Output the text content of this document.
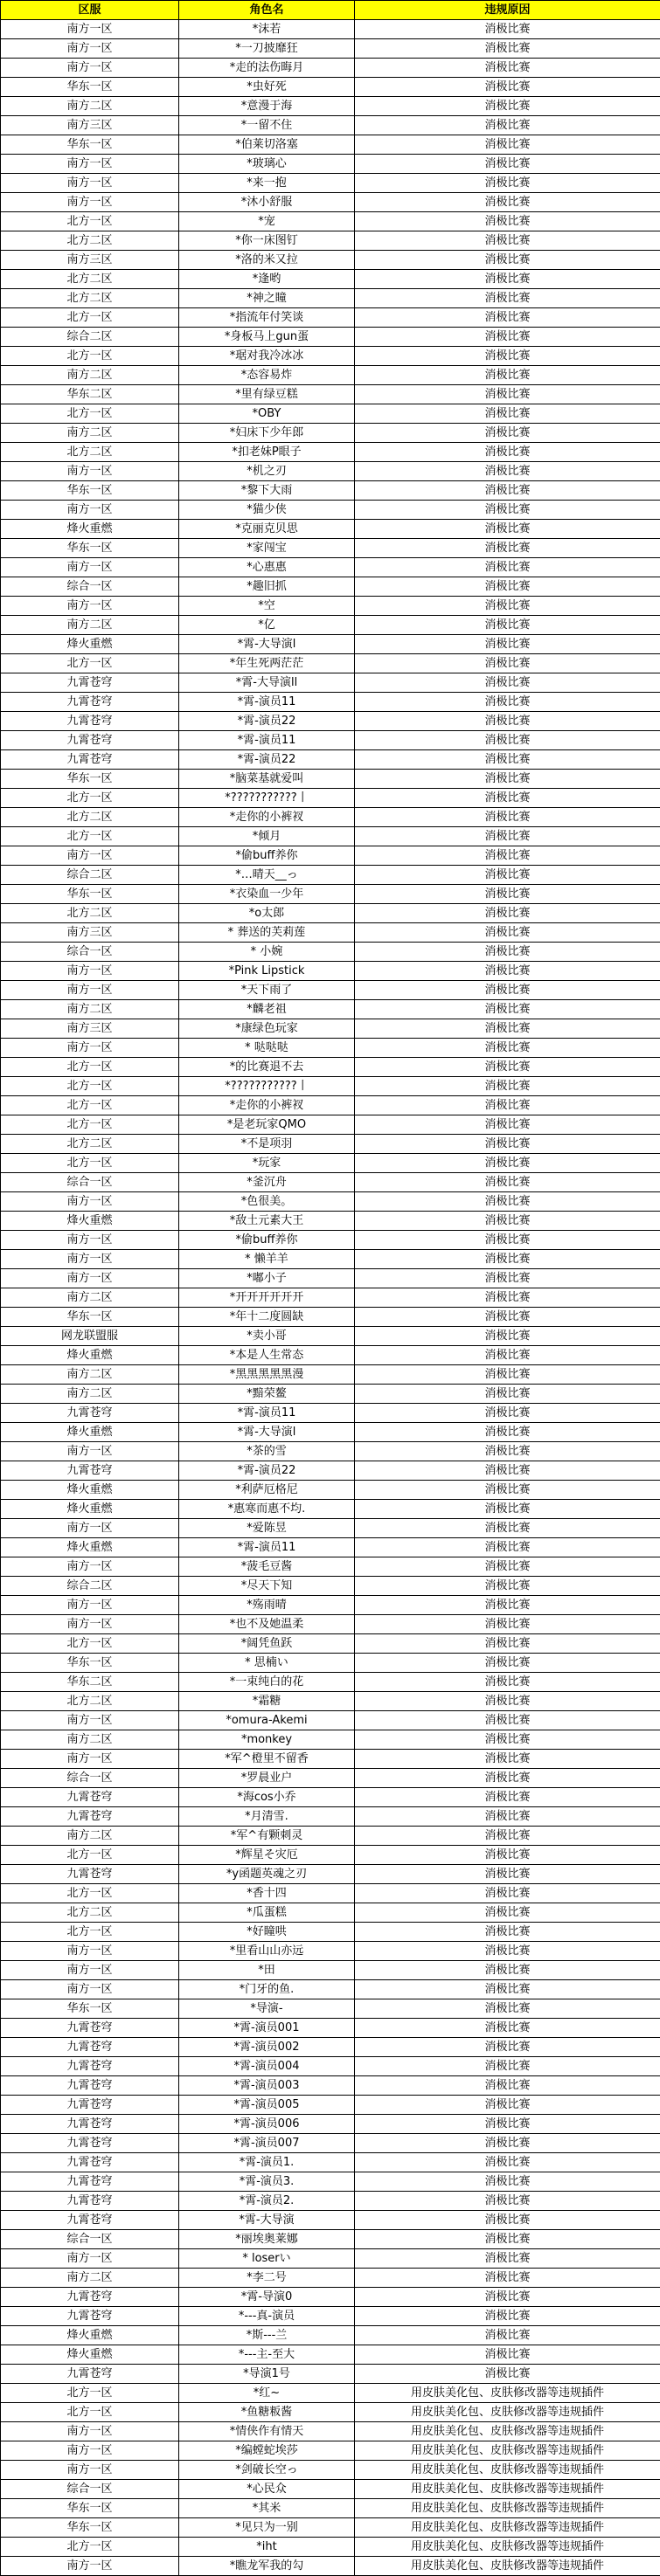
区服	角色名	违规原因
南方一区	*沫若	消极比赛
南方一区	*一刀披靡狂	消极比赛
南方一区	*走的法伤晦月	消极比赛
华东一区	*虫好死	消极比赛
南方二区	*意漫于海	消极比赛
南方三区	*一留不住	消极比赛
华东一区	*伯莱切洛塞	消极比赛
南方一区	*玻璃心	消极比赛
南方一区	*来一抱	消极比赛
南方一区	*沐小舒服	消极比赛
北方一区	*宠	消极比赛
北方二区	*你一床图钉	消极比赛
南方三区	*洛的米又拉	消极比赛
北方二区	*逢哟	消极比赛
北方二区	*神之瞳	消极比赛
北方一区	*指流年付笑谈	消极比赛
综合二区	*身板马上gun蛋	消极比赛
北方一区	*琚对我冷冰冰	消极比赛
南方二区	*态容易炸	消极比赛
华东二区	*里有绿豆糕	消极比赛
北方一区	*OBY	消极比赛
南方二区	*妇床下少年郎	消极比赛
北方二区	*扣老妹P眼子	消极比赛
南方一区	*机之刃	消极比赛
华东一区	*黎下大雨	消极比赛
南方一区	*猫少侠	消极比赛
烽火重燃	*克丽克贝思	消极比赛
华东一区	*家闯宝	消极比赛
南方一区	*心惠惠	消极比赛
综合一区	*趣旧抓	消极比赛
南方一区	*空	消极比赛
南方二区	*亿	消极比赛
烽火重燃	*霄-大导演l	消极比赛
北方一区	*年生死两茫茫	消极比赛
九霄苍穹	*霄-大导演ll	消极比赛
九霄苍穹	*霄-演员11	消极比赛
九霄苍穹	*霄-演员22	消极比赛
九霄苍穹	*霄-演员11	消极比赛
九霄苍穹	*霄-演员22	消极比赛
华东一区	*脑菜基就爱叫	消极比赛
北方一区	*???????????丨	消极比赛
北方二区	*走你的小裤衩	消极比赛
北方一区	*倾月	消极比赛
南方一区	*偷buff养你	消极比赛
综合二区	*…晴天__っ	消极比赛
华东一区	*衣染血一少年	消极比赛
北方二区	*o太郎	消极比赛
南方三区	* 葬送的芙莉莲	消极比赛
综合一区	* 小婉	消极比赛
南方一区	*Pink Lipstick	消极比赛
南方一区	*天下雨了	消极比赛
南方二区	*麟老祖	消极比赛
南方三区	*康绿色玩家	消极比赛
南方一区	* 哒哒哒	消极比赛
北方一区	*的比赛退不去	消极比赛
北方一区	*???????????丨	消极比赛
北方一区	*走你的小裤衩	消极比赛
北方一区	*是老玩家QMO	消极比赛
北方二区	*不是项羽	消极比赛
北方一区	*玩家	消极比赛
综合一区	*釜沉舟	消极比赛
南方一区	*色很美。	消极比赛
烽火重燃	*敌土元素大王	消极比赛
南方一区	*偷buff养你	消极比赛
南方一区	* 懒羊羊	消极比赛
南方一区	*嘟小子	消极比赛
南方二区	*开开开开开开	消极比赛
华东一区	*年十二度圆缺	消极比赛
网龙联盟服	*卖小哥	消极比赛
烽火重燃	*本是人生常态	消极比赛
南方二区	*黑黑黑黑黑漫	消极比赛
南方二区	*黯荣鳌	消极比赛
九霄苍穹	*霄-演员11	消极比赛
烽火重燃	*霄-大导演l	消极比赛
南方一区	*茶的雪	消极比赛
九霄苍穹	*霄-演员22	消极比赛
烽火重燃	*利萨厄格尼	消极比赛
烽火重燃	*惠寒而惠不均.	消极比赛
南方一区	*爱陈昱	消极比赛
烽火重燃	*霄-演员11	消极比赛
南方一区	*菠毛豆酱	消极比赛
综合二区	*尽天下知	消极比赛
南方一区	*殇雨晴	消极比赛
南方一区	*也不及她温柔	消极比赛
北方一区	*阔凭鱼跃	消极比赛
华东一区	* 思楠い	消极比赛
华东二区	*一束纯白的花	消极比赛
北方二区	*霜糖	消极比赛
南方一区	*omura-Akemi	消极比赛
南方二区	*monkey	消极比赛
南方一区	*军^橙里不留香	消极比赛
综合一区	*罗晨业户	消极比赛
九霄苍穹	*海cos小乔	消极比赛
九霄苍穹	*月清雪.	消极比赛
南方二区	*军^有颗刺灵	消极比赛
北方一区	*辉星そ灾厄	消极比赛
九霄苍穹	*y函题英魂之刃	消极比赛
北方一区	*香十四	消极比赛
北方二区	*瓜蛋糕	消极比赛
北方一区	*好瞳哄	消极比赛
南方一区	*里看山山亦远	消极比赛
南方一区	*田	消极比赛
南方一区	*门牙的鱼.	消极比赛
华东一区	*导演-	消极比赛
九霄苍穹	*霄-演员001	消极比赛
九霄苍穹	*霄-演员002	消极比赛
九霄苍穹	*霄-演员004	消极比赛
九霄苍穹	*霄-演员003	消极比赛
九霄苍穹	*霄-演员005	消极比赛
九霄苍穹	*霄-演员006	消极比赛
九霄苍穹	*霄-演员007	消极比赛
九霄苍穹	*霄-演员1.	消极比赛
九霄苍穹	*霄-演员3.	消极比赛
九霄苍穹	*霄-演员2.	消极比赛
九霄苍穹	*霄-大导演	消极比赛
综合一区	*丽埃奥莱娜	消极比赛
南方一区	* loserい	消极比赛
南方二区	*李二号	消极比赛
九霄苍穹	*霄-导演0	消极比赛
九霄苍穹	*---真-演员	消极比赛
烽火重燃	*斯---兰	消极比赛
烽火重燃	*---主-至大	消极比赛
九霄苍穹	*导演1号	消极比赛
北方一区	*红~	用皮肤美化包、皮肤修改器等违规插件
北方一区	*鱼糖粄酱	用皮肤美化包、皮肤修改器等违规插件
南方一区	*情侠作有情天	用皮肤美化包、皮肤修改器等违规插件
南方一区	*编螳蛇埃莎	用皮肤美化包、皮肤修改器等违规插件
南方一区	*剑破长空っ	用皮肤美化包、皮肤修改器等违规插件
综合一区	*心民众	用皮肤美化包、皮肤修改器等违规插件
华东一区	*其米	用皮肤美化包、皮肤修改器等违规插件
华东一区	*见只为一别	用皮肤美化包、皮肤修改器等违规插件
北方一区	*iht	用皮肤美化包、皮肤修改器等违规插件
南方一区	*瞧龙军我的勾	用皮肤美化包、皮肤修改器等违规插件
